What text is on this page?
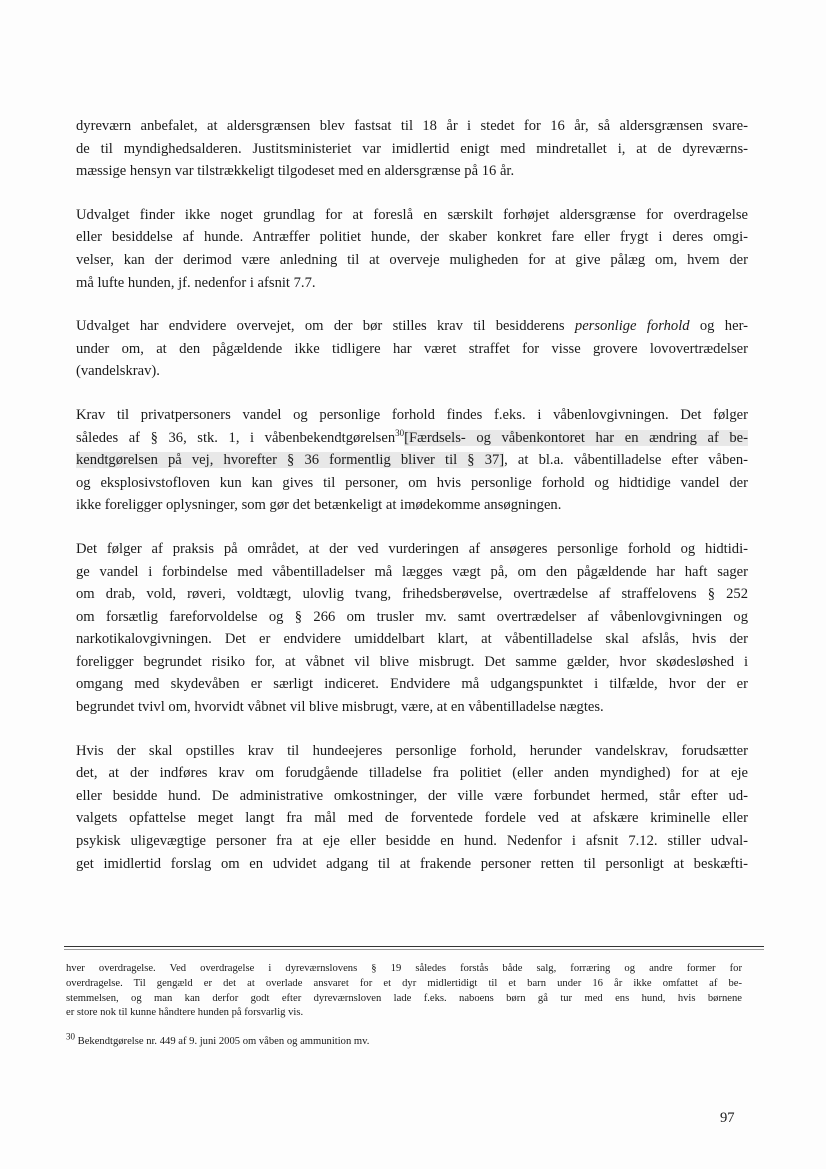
dyreværn anbefalet, at aldersgrænsen blev fastsat til 18 år i stedet for 16 år, så aldersgrænsen svare-
de til myndighedsalderen. Justitsministeriet var imidlertid enigt med mindretallet i, at de dyreværns-
mæssige hensyn var tilstrækkeligt tilgodeset med en aldersgrænse på 16 år.

Udvalget finder ikke noget grundlag for at foreslå en særskilt forhøjet aldersgrænse for overdragelse
eller besiddelse af hunde. Antræffer politiet hunde, der skaber konkret fare eller frygt i deres omgi-
velser, kan der derimod være anledning til at overveje muligheden for at give pålæg om, hvem der
må lufte hunden, jf. nedenfor i afsnit 7.7.

Udvalget har endvidere overvejet, om der bør stilles krav til besidderens personlige forhold og her-
under om, at den pågældende ikke tidligere har været straffet for visse grovere lovovertrædelser
(vandelskrav).

Krav til privatpersoners vandel og personlige forhold findes f.eks. i våbenlovgivningen. Det følger
således af § 36, stk. 1, i våbenbekendtgørelsen$^{30}$[Færdsels- og våbenkontoret har en ændring af be-
kendtgørelsen på vej, hvorefter § 36 formentlig bliver til § 37], at bl.a. våbentilladelse efter våben-
og eksplosivstofloven kun kan gives til personer, om hvis personlige forhold og hidtidige vandel der
ikke foreligger oplysninger, som gør det betænkeligt at imødekomme ansøgningen.

Det følger af praksis på området, at der ved vurderingen af ansøgeres personlige forhold og hidtidi-
ge vandel i forbindelse med våbentilladelser må lægges vægt på, om den pågældende har haft sager
om drab, vold, røveri, voldtægt, ulovlig tvang, frihedsberøvelse, overtrædelse af straffelovens § 252
om forsætlig fareforvoldelse og § 266 om trusler mv. samt overtrædelser af våbenlovgivningen og
narkotikalovgivningen. Det er endvidere umiddelbart klart, at våbentilladelse skal afslås, hvis der
foreligger begrundet risiko for, at våbnet vil blive misbrugt. Det samme gælder, hvor skødesløshed i
omgang med skydevåben er særligt indiceret. Endvidere må udgangspunktet i tilfælde, hvor der er
begrundet tvivl om, hvorvidt våbnet vil blive misbrugt, være, at en våbentilladelse nægtes.

Hvis der skal opstilles krav til hundeejeres personlige forhold, herunder vandelskrav, forudsætter
det, at der indføres krav om forudgående tilladelse fra politiet (eller anden myndighed) for at eje
eller besidde hund. De administrative omkostninger, der ville være forbundet hermed, står efter ud-
valgets opfattelse meget langt fra mål med de forventede fordele ved at afskære kriminelle eller
psykisk uligevægtige personer fra at eje eller besidde en hund. Nedenfor i afsnit 7.12. stiller udval-
get imidlertid forslag om en udvidet adgang til at frakende personer retten til personligt at beskæfti-

hver overdragelse. Ved overdragelse i dyreværnslovens § 19 således forstås både salg, forræring og andre former for
overdragelse. Til gengæld er det at overlade ansvaret for et dyr midlertidigt til et barn under 16 år ikke omfattet af be-
stemmelsen, og man kan derfor godt efter dyreværnsloven lade f.eks. naboens børn gå tur med ens hund, hvis børnene
er store nok til kunne håndtere hunden på forsvarlig vis.

$^{30}$ Bekendtgørelse nr. 449 af 9. juni 2005 om våben og ammunition mv.

97
